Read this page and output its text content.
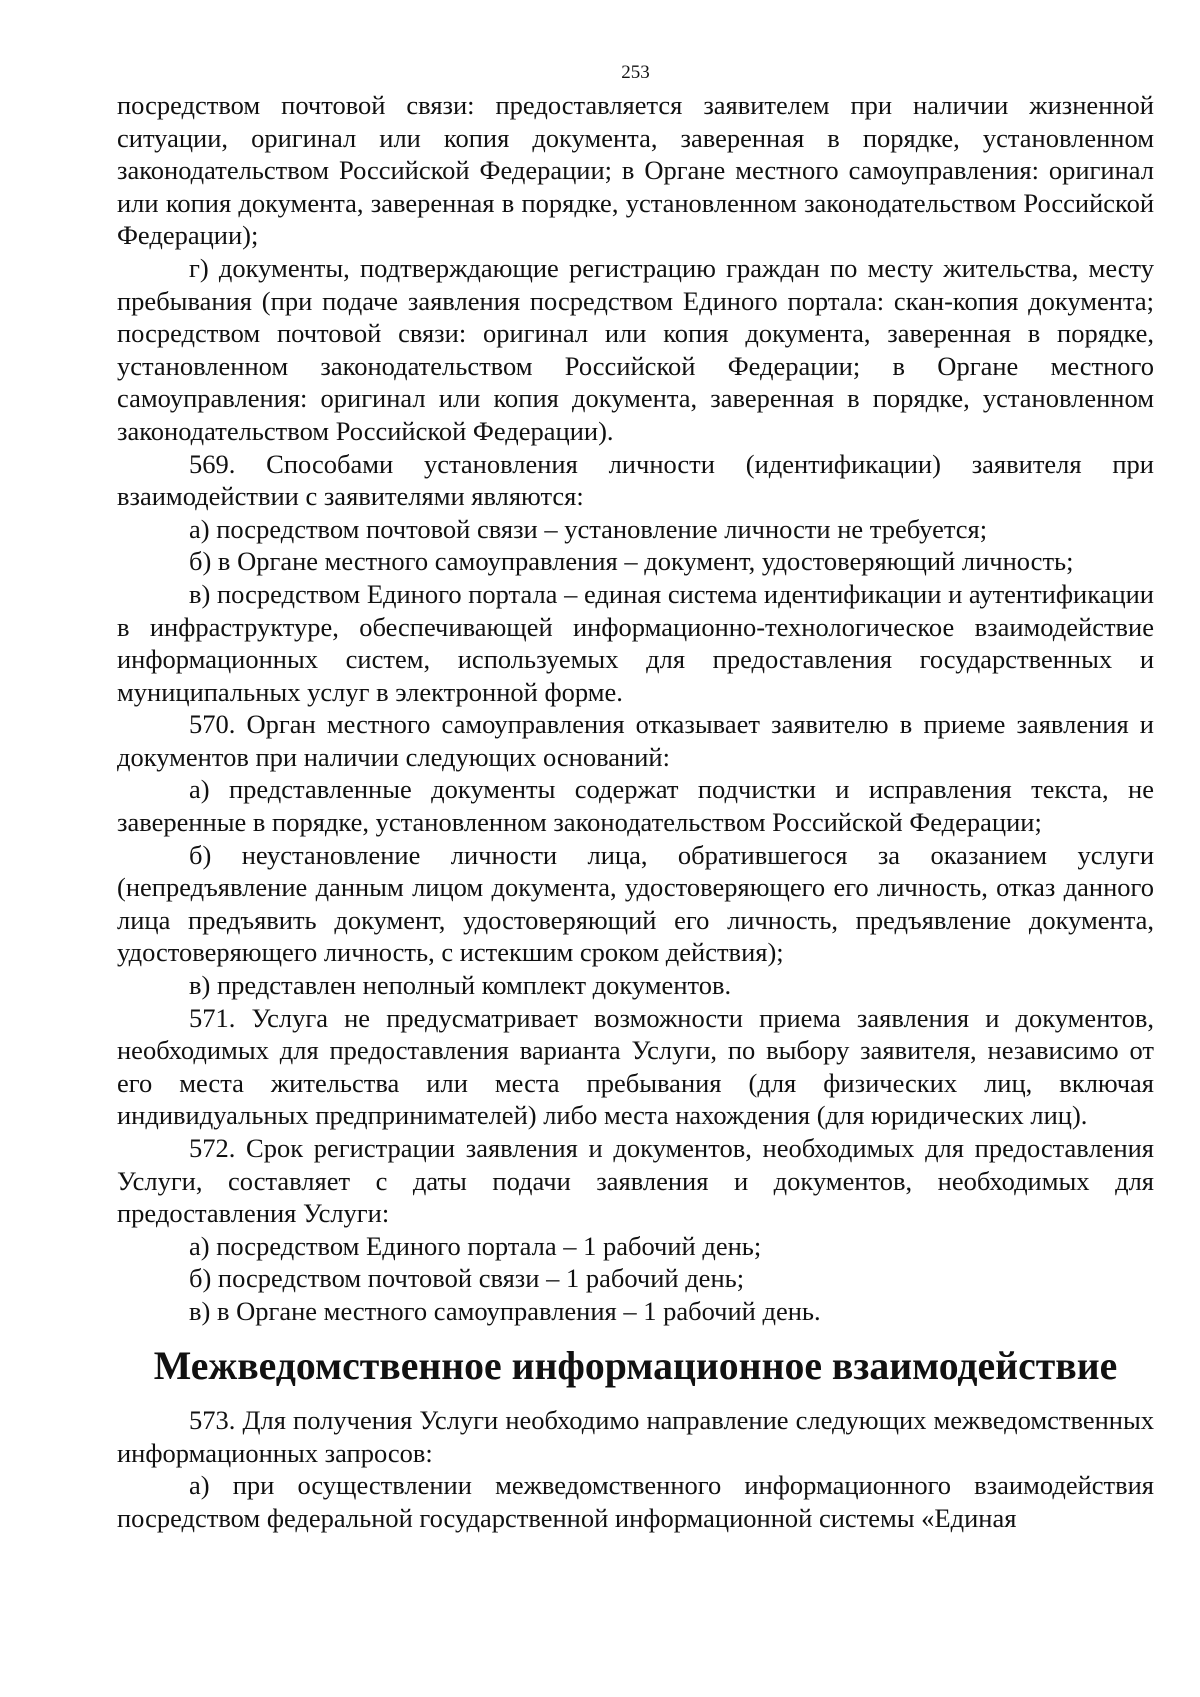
253

посредством почтовой связи: предоставляется заявителем при наличии жизненной ситуации, оригинал или копия документа, заверенная в порядке, установленном законодательством Российской Федерации; в Органе местного самоуправления: оригинал или копия документа, заверенная в порядке, установленном законодательством Российской Федерации);

г) документы, подтверждающие регистрацию граждан по месту жительства, месту пребывания (при подаче заявления посредством Единого портала: скан-копия документа; посредством почтовой связи: оригинал или копия документа, заверенная в порядке, установленном законодательством Российской Федерации; в Органе местного самоуправления: оригинал или копия документа, заверенная в порядке, установленном законодательством Российской Федерации).

569. Способами установления личности (идентификации) заявителя при взаимодействии с заявителями являются:

а) посредством почтовой связи – установление личности не требуется;

б) в Органе местного самоуправления – документ, удостоверяющий личность;

в) посредством Единого портала – единая система идентификации и аутентификации в инфраструктуре, обеспечивающей информационно-технологическое взаимодействие информационных систем, используемых для предоставления государственных и муниципальных услуг в электронной форме.

570. Орган местного самоуправления отказывает заявителю в приеме заявления и документов при наличии следующих оснований:

а) представленные документы содержат подчистки и исправления текста, не заверенные в порядке, установленном законодательством Российской Федерации;

б) неустановление личности лица, обратившегося за оказанием услуги (непредъявление данным лицом документа, удостоверяющего его личность, отказ данного лица предъявить документ, удостоверяющий его личность, предъявление документа, удостоверяющего личность, с истекшим сроком действия);

в) представлен неполный комплект документов.

571. Услуга не предусматривает возможности приема заявления и документов, необходимых для предоставления варианта Услуги, по выбору заявителя, независимо от его места жительства или места пребывания (для физических лиц, включая индивидуальных предпринимателей) либо места нахождения (для юридических лиц).

572. Срок регистрации заявления и документов, необходимых для предоставления Услуги, составляет с даты подачи заявления и документов, необходимых для предоставления Услуги:

а) посредством Единого портала – 1 рабочий день;

б) посредством почтовой связи – 1 рабочий день;

в) в Органе местного самоуправления – 1 рабочий день.

Межведомственное информационное взаимодействие

573. Для получения Услуги необходимо направление следующих межведомственных информационных запросов:

а) при осуществлении межведомственного информационного взаимодействия посредством федеральной государственной информационной системы «Единая
